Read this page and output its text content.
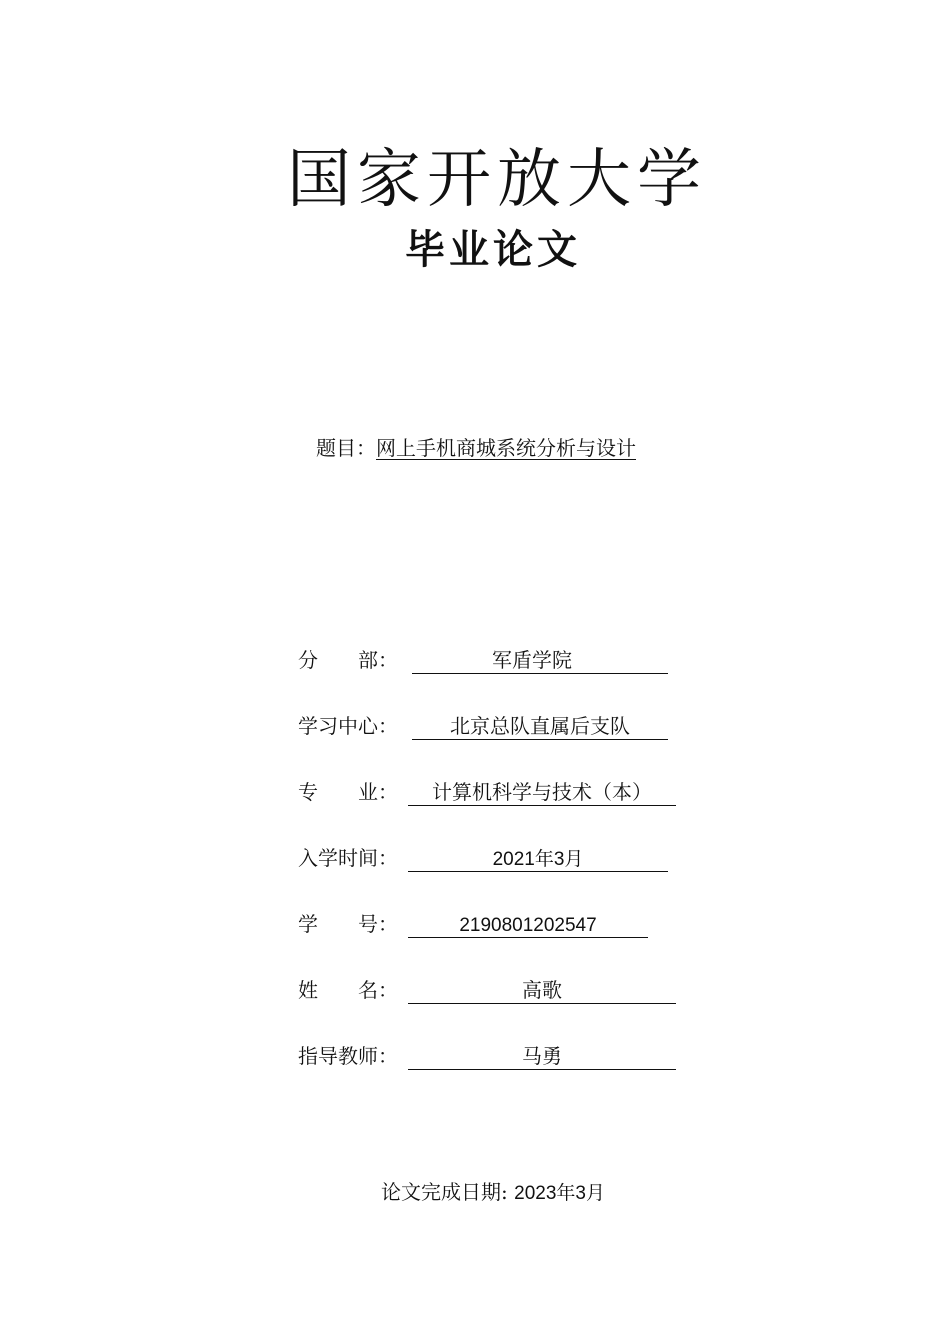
国家开放大学
毕业论文
题目：网上手机商城系统分析与设计
分　　部：	军盾学院
学习中心：	北京总队直属后支队
专　　业：	计算机科学与技术（本）
入学时间：	2021年3月
学　　号：	2190801202547
姓　　名：	高歌
指导教师：	马勇
论文完成日期: 2023年3月
